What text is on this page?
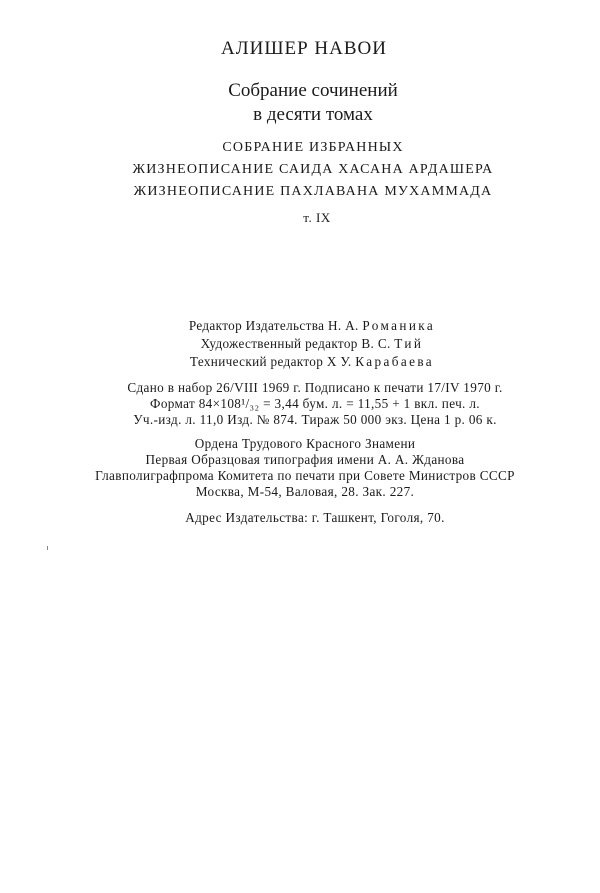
АЛИШЕР НАВОИ
Собрание сочинений
в десяти томах
СОБРАНИЕ ИЗБРАННЫХ
ЖИЗНЕОПИСАНИЕ САИДА ХАСАНА АРДАШЕРА
ЖИЗНЕОПИСАНИЕ ПАХЛАВАНА МУХАММАДА
т. IX
Редактор Издательства Н. А. Романика
Художественный редактор В. С. Тий
Технический редактор Х У. Карабаева
Сдано в набор 26/VIII 1969 г. Подписано к печати 17/IV 1970 г.
Формат 84×108¹/₃₂ = 3,44 бум. л. = 11,55 + 1 вкл. печ. л.
Уч.-изд. л. 11,0 Изд. № 874. Тираж 50 000 экз. Цена 1 р. 06 к.
Ордена Трудового Красного Знамени
Первая Образцовая типография имени А. А. Жданова
Главполиграфпрома Комитета по печати при Совете Министров СССР
Москва, М-54, Валовая, 28. Зак. 227.
Адрес Издательства: г. Ташкент, Гоголя, 70.
